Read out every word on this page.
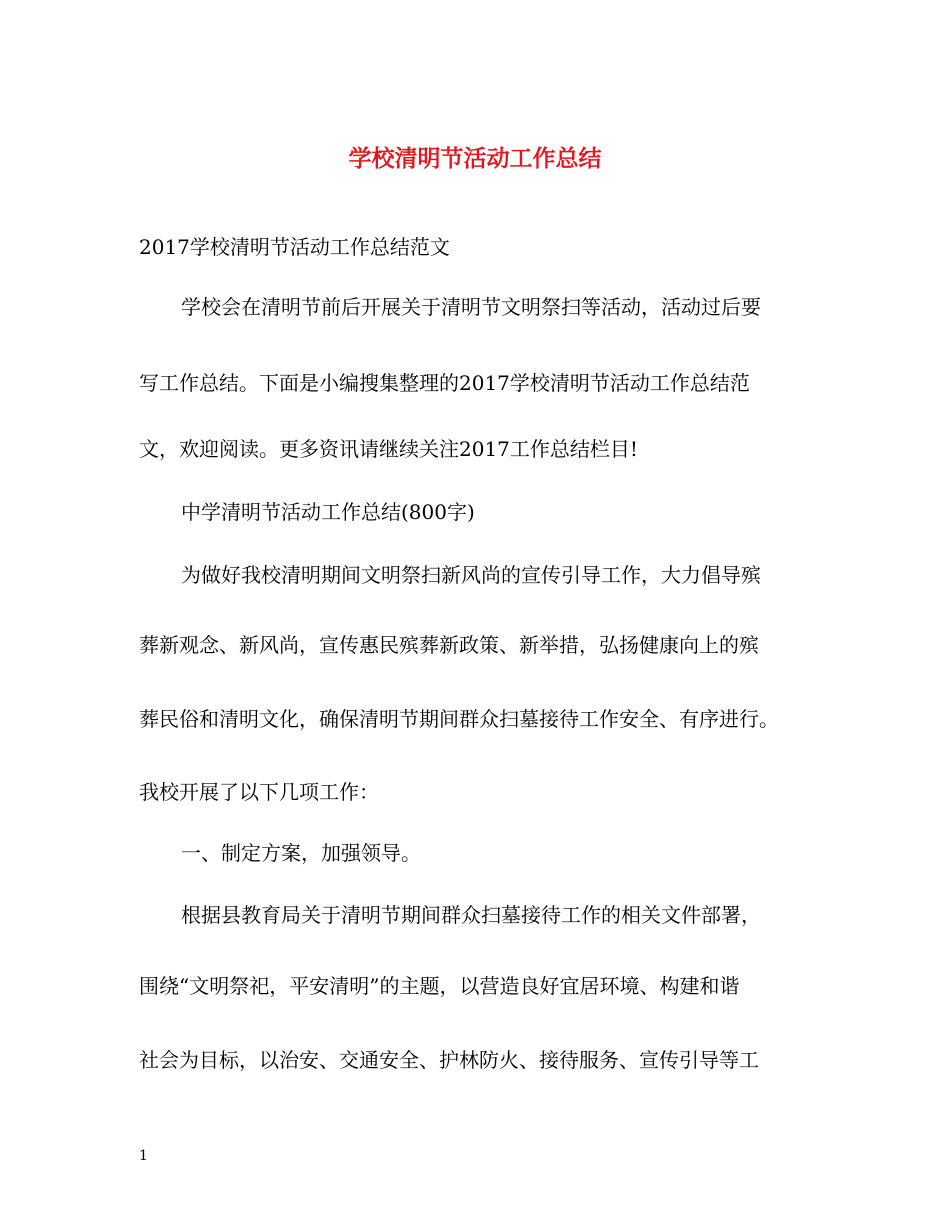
学校清明节活动工作总结

2017学校清明节活动工作总结范文

学校会在清明节前后开展关于清明节文明祭扫等活动，活动过后要

写工作总结。下面是小编搜集整理的2017学校清明节活动工作总结范

文，欢迎阅读。更多资讯请继续关注2017工作总结栏目!

中学清明节活动工作总结(800字)

为做好我校清明期间文明祭扫新风尚的宣传引导工作，大力倡导殡

葬新观念、新风尚，宣传惠民殡葬新政策、新举措，弘扬健康向上的殡

葬民俗和清明文化，确保清明节期间群众扫墓接待工作安全、有序进行。

我校开展了以下几项工作：

一、制定方案，加强领导。

根据县教育局关于清明节期间群众扫墓接待工作的相关文件部署，

围绕“文明祭祀，平安清明”的主题，以营造良好宜居环境、构建和谐

社会为目标，以治安、交通安全、护林防火、接待服务、宣传引导等工

1
